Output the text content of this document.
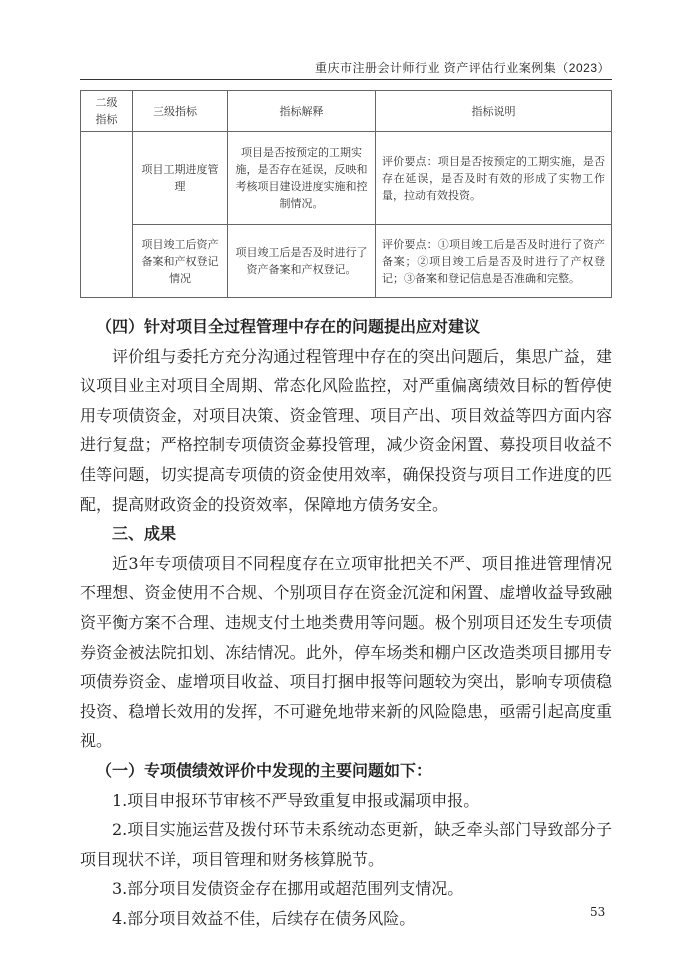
重庆市注册会计师行业 资产评估行业案例集（2023）
二级
指标	三级指标	指标解释	指标说明
	项目工期进度管理	项目是否按预定的工期实施，是否存在延误，反映和考核项目建设进度实施和控制情况。	评价要点：项目是否按预定的工期实施，是否存在延误，是否及时有效的形成了实物工作量，拉动有效投资。
	项目竣工后资产备案和产权登记情况	项目竣工后是否及时进行了资产备案和产权登记。	评价要点：①项目竣工后是否及时进行了资产备案；②项目竣工后是否及时进行了产权登记；③备案和登记信息是否准确和完整。
（四）针对项目全过程管理中存在的问题提出应对建议

评价组与委托方充分沟通过程管理中存在的突出问题后，集思广益，建议项目业主对项目全周期、常态化风险监控，对严重偏离绩效目标的暂停使用专项债资金，对项目决策、资金管理、项目产出、项目效益等四方面内容进行复盘；严格控制专项债资金募投管理，减少资金闲置、募投项目收益不佳等问题，切实提高专项债的资金使用效率，确保投资与项目工作进度的匹配，提高财政资金的投资效率，保障地方债务安全。

三、成果

近3年专项债项目不同程度存在立项审批把关不严、项目推进管理情况不理想、资金使用不合规、个别项目存在资金沉淀和闲置、虚增收益导致融资平衡方案不合理、违规支付土地类费用等问题。极个别项目还发生专项债券资金被法院扣划、冻结情况。此外，停车场类和棚户区改造类项目挪用专项债券资金、虚增项目收益、项目打捆申报等问题较为突出，影响专项债稳投资、稳增长效用的发挥，不可避免地带来新的风险隐患，亟需引起高度重视。

（一）专项债绩效评价中发现的主要问题如下：

1.项目申报环节审核不严导致重复申报或漏项申报。

2.项目实施运营及拨付环节未系统动态更新，缺乏牵头部门导致部分子项目现状不详，项目管理和财务核算脱节。

3.部分项目发债资金存在挪用或超范围列支情况。

4.部分项目效益不佳，后续存在债务风险。	53
